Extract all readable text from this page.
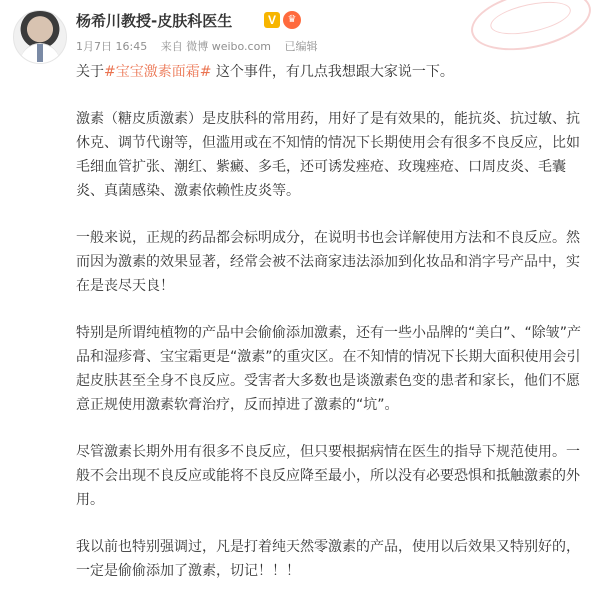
杨希川教授-皮肤科医生	V	♛
1月7日 16:45 来自 微博 weibo.com 已编辑

关于#宝宝激素面霜# 这个事件，有几点我想跟大家说一下。

激素（糖皮质激素）是皮肤科的常用药，用好了是有效果的，能抗炎、抗过敏、抗休克、调节代谢等，但滥用或在不知情的情况下长期使用会有很多不良反应，比如毛细血管扩张、潮红、紫癜、多毛，还可诱发痤疮、玫瑰痤疮、口周皮炎、毛囊炎、真菌感染、激素依赖性皮炎等。

一般来说，正规的药品都会标明成分，在说明书也会详解使用方法和不良反应。然而因为激素的效果显著，经常会被不法商家违法添加到化妆品和消字号产品中，实在是丧尽天良！

特别是所谓纯植物的产品中会偷偷添加激素，还有一些小品牌的“美白”、“除皱”产品和湿疹膏、宝宝霜更是“激素”的重灾区。在不知情的情况下长期大面积使用会引起皮肤甚至全身不良反应。受害者大多数也是谈激素色变的患者和家长，他们不愿意正规使用激素软膏治疗，反而掉进了激素的“坑”。

尽管激素长期外用有很多不良反应，但只要根据病情在医生的指导下规范使用。一般不会出现不良反应或能将不良反应降至最小，所以没有必要恐惧和抵触激素的外用。

我以前也特别强调过，凡是打着纯天然零激素的产品，使用以后效果又特别好的，一定是偷偷添加了激素，切记！！！
